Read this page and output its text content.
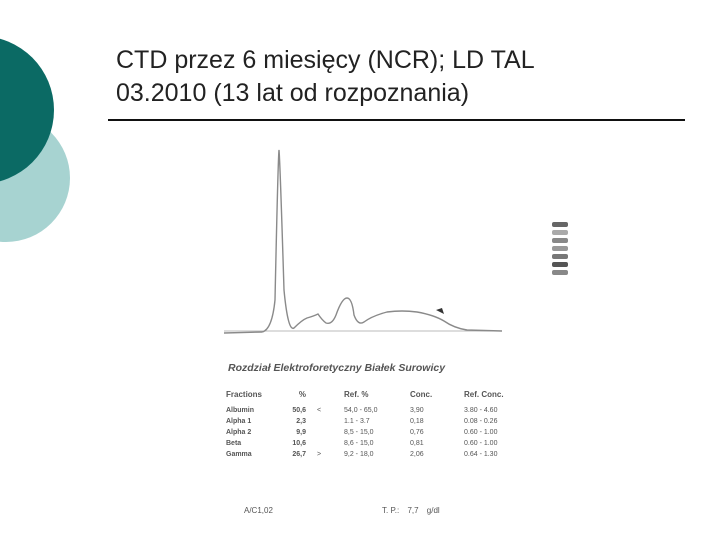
CTD przez 6 miesięcy (NCR); LD TAL
03.2010 (13 lat od rozpoznania)
Rozdział Elektroforetyczny Białek Surowicy
Fractions	%	Ref. %	Conc.	Ref. Conc.
Albumin	50,6 <	54,0 - 65,0	3,90	3.80 - 4.60
Alpha 1	2,3	1.1 - 3.7	0,18	0.08 - 0.26
Alpha 2	9,9	8,5 - 15,0	0,76	0.60 - 1.00
Beta	10,6	8,6 - 15,0	0,81	0.60 - 1.00
Gamma	26,7 >	9,2 - 18,0	2,06	0.64 - 1.30
A/C1,02	T. P.: 7,7 g/dl
